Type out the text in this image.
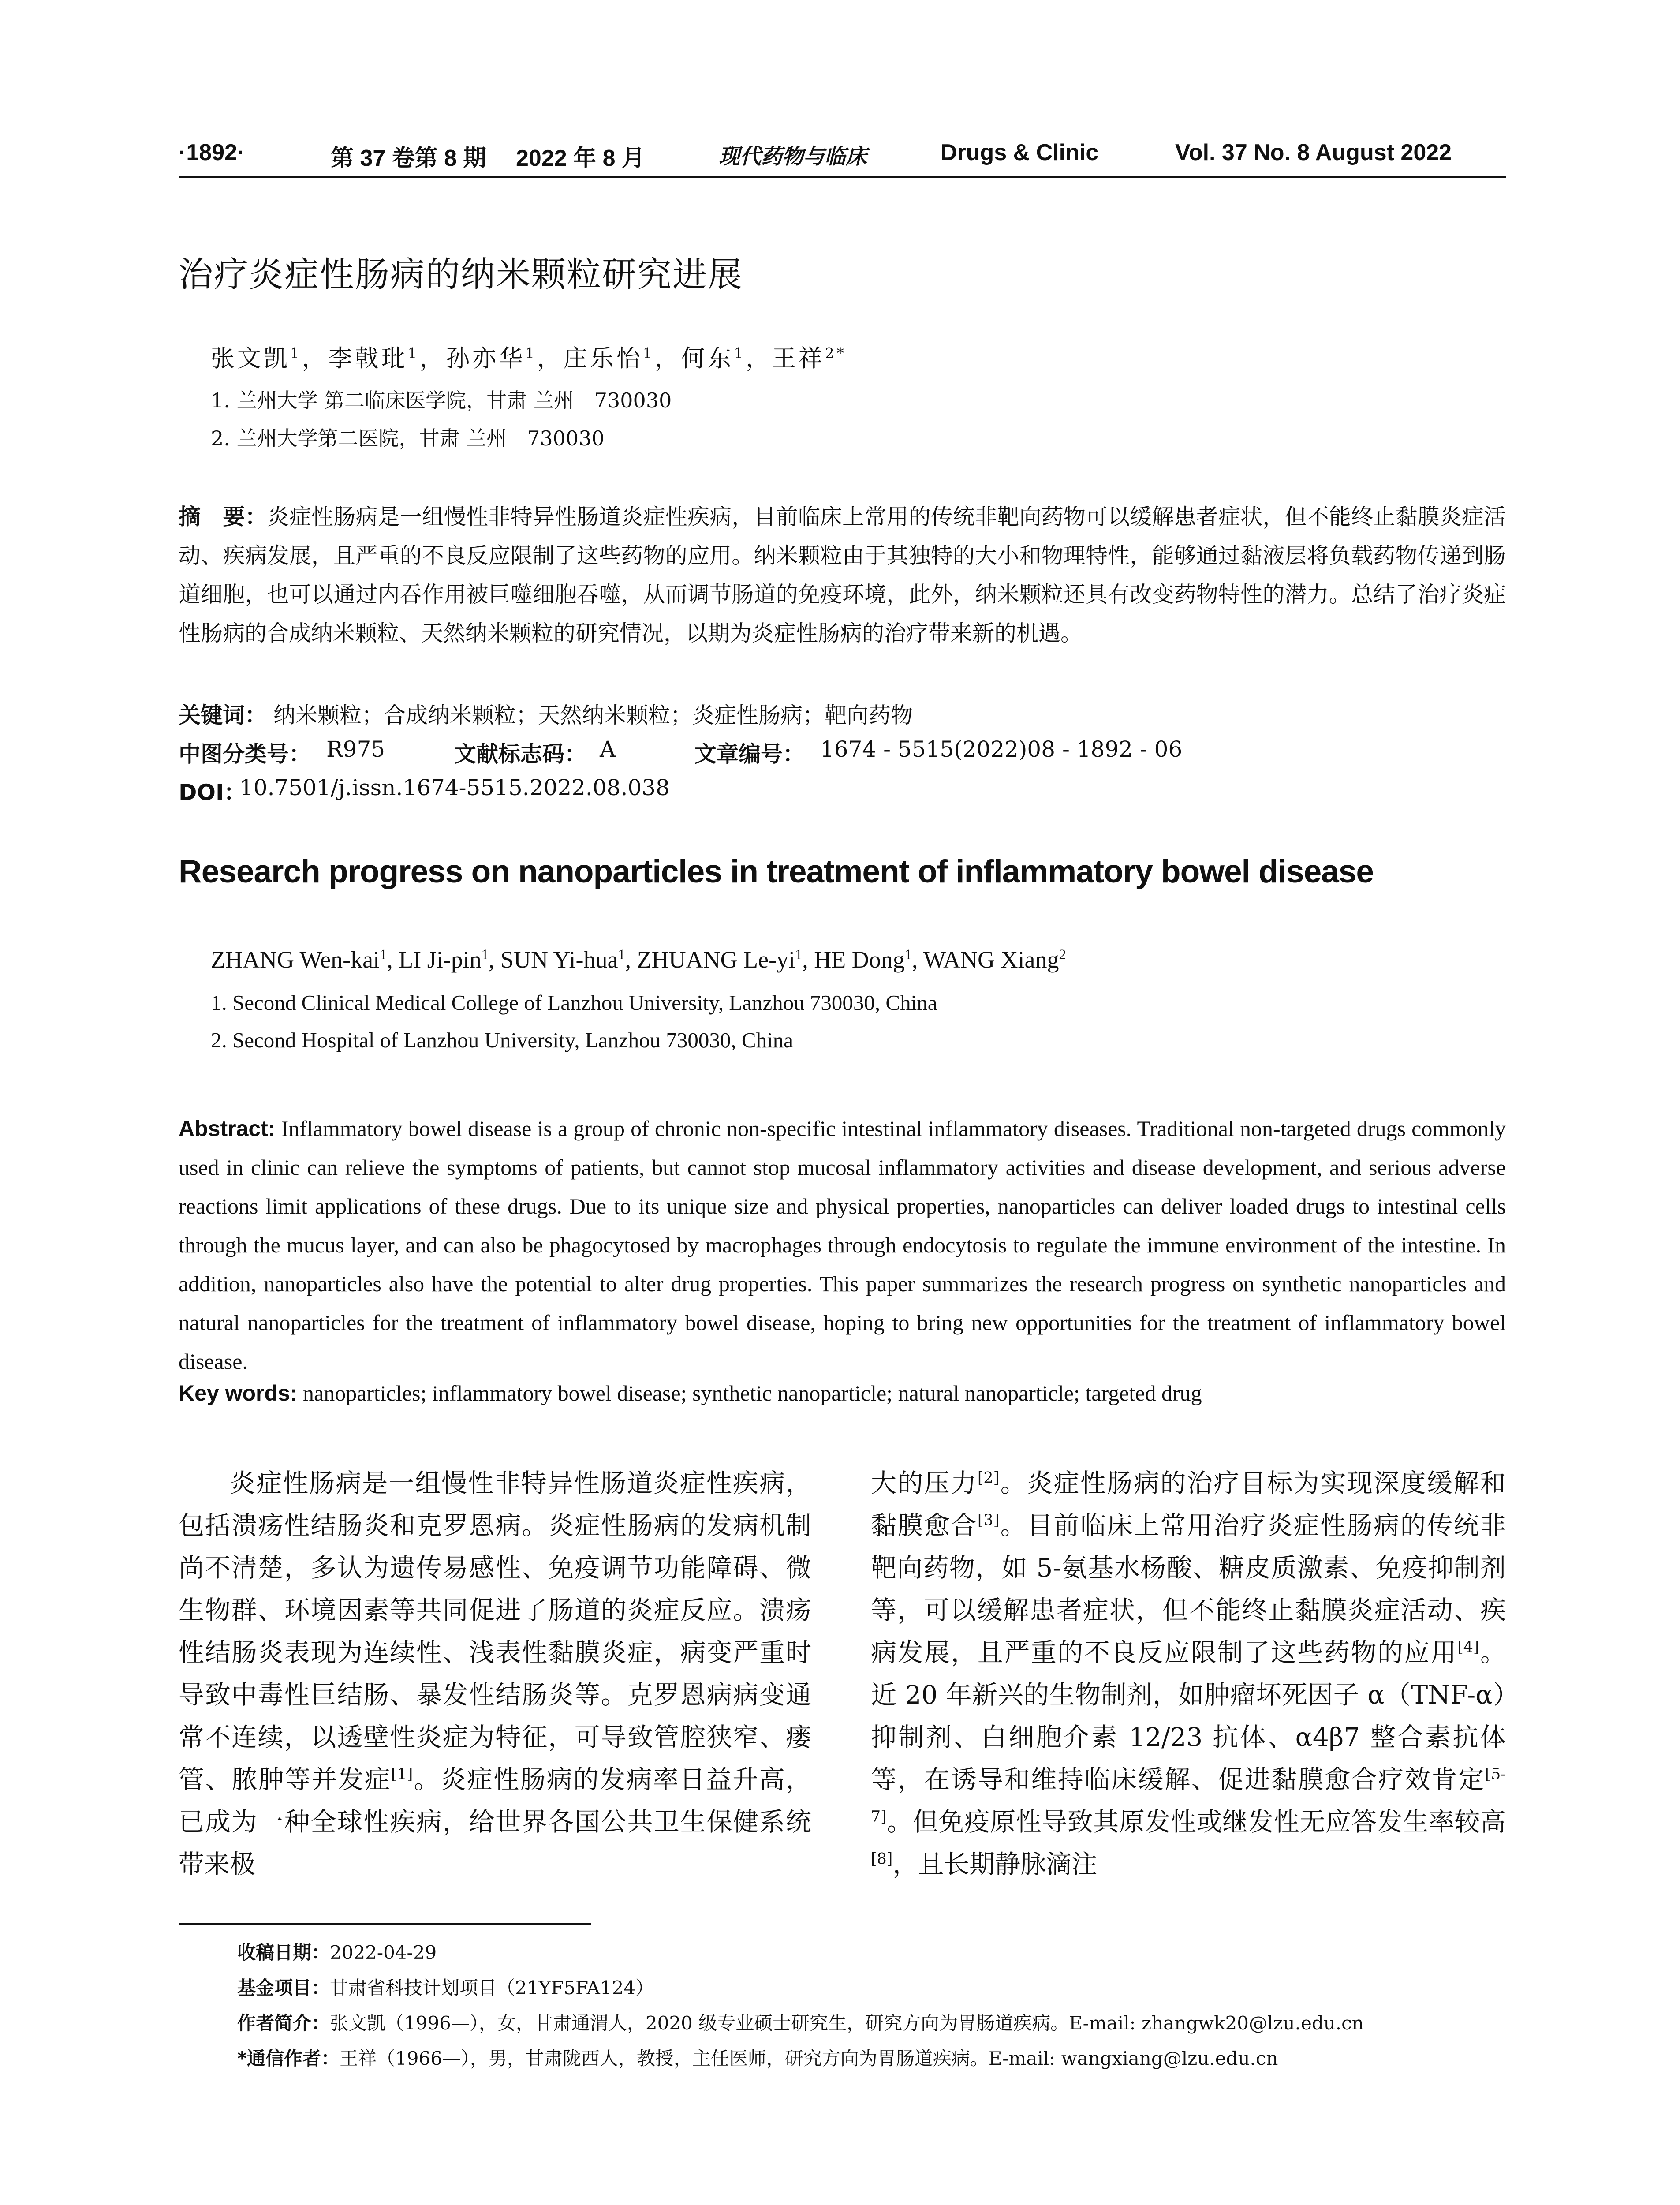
·1892·	第 37 卷第 8 期 2022 年 8 月	现代药物与临床	Drugs & Clinic	Vol. 37 No. 8 August 2022
治疗炎症性肠病的纳米颗粒研究进展
张文凯$^1$，李戟玭$^1$，孙亦华$^1$，庄乐怡$^1$，何东$^1$，王祥$^{2*}$
1. 兰州大学 第二临床医学院，甘肃 兰州　730030
2. 兰州大学第二医院，甘肃 兰州　730030
摘　要：炎症性肠病是一组慢性非特异性肠道炎症性疾病，目前临床上常用的传统非靶向药物可以缓解患者症状，但不能终止黏膜炎症活动、疾病发展，且严重的不良反应限制了这些药物的应用。纳米颗粒由于其独特的大小和物理特性，能够通过黏液层将负载药物传递到肠道细胞，也可以通过内吞作用被巨噬细胞吞噬，从而调节肠道的免疫环境，此外，纳米颗粒还具有改变药物特性的潜力。总结了治疗炎症性肠病的合成纳米颗粒、天然纳米颗粒的研究情况，以期为炎症性肠病的治疗带来新的机遇。
关键词： 纳米颗粒；合成纳米颗粒；天然纳米颗粒；炎症性肠病；靶向药物
中图分类号： R975	文献标志码： A	文章编号： 1674 - 5515(2022)08 - 1892 - 06
DOI：
10.7501/j.issn.1674-5515.2022.08.038
Research progress on nanoparticles in treatment of inflammatory bowel disease
ZHANG Wen-kai$^1$, LI Ji-pin$^1$, SUN Yi-hua$^1$, ZHUANG $Le-yi^1$, HE Dong$^1$, WANG Xiang$^2$
1. Second Clinical Medical College of Lanzhou University, Lanzhou 730030, China
2. Second Hospital of Lanzhou University, Lanzhou 730030, China
Abstract: Inflammatory bowel disease is a group of chronic non-specific intestinal inflammatory diseases. Traditional non-targeted drugs commonly used in clinic can relieve the symptoms of patients, but cannot stop mucosal inflammatory activities and disease development, and serious adverse reactions limit applications of these drugs. Due to its unique size and physical properties, nanoparticles can deliver loaded drugs to intestinal cells through the mucus layer, and can also be phagocytosed by macrophages through endocytosis to regulate the immune environment of the intestine. In addition, nanoparticles also have the potential to alter drug properties. This paper summarizes the research progress on synthetic nanoparticles and natural nanoparticles for the treatment of inflammatory bowel disease, hoping to bring new opportunities for the treatment of inflammatory bowel disease.
Key words: nanoparticles; inflammatory bowel disease; synthetic nanoparticle; natural nanoparticle; targeted drug
炎症性肠病是一组慢性非特异性肠道炎症性疾病，包括溃疡性结肠炎和克罗恩病。炎症性肠病的发病机制尚不清楚，多认为遗传易感性、免疫调节功能障碍、微生物群、环境因素等共同促进了肠道的炎症反应。溃疡性结肠炎表现为连续性、浅表性黏膜炎症，病变严重时导致中毒性巨结肠、暴发性结肠炎等。克罗恩病病变通常不连续，以透壁性炎症为特征，可导致管腔狭窄、瘘管、脓肿等并发症[1]。炎症性肠病的发病率日益升高，已成为一种全球性疾病，给世界各国公共卫生保健系统带来极
大的压力[2]。炎症性肠病的治疗目标为实现深度缓解和黏膜愈合[3]。目前临床上常用治疗炎症性肠病的传统非靶向药物，如 5-氨基水杨酸、糖皮质激素、免疫抑制剂等，可以缓解患者症状，但不能终止黏膜炎症活动、疾病发展，且严重的不良反应限制了这些药物的应用[4]。近 20 年新兴的生物制剂，如肿瘤坏死因子 α（TNF-α）抑制剂、白细胞介素 12/23 抗体、α4β7 整合素抗体等，在诱导和维持临床缓解、促进黏膜愈合疗效肯定[5-7]。但免疫原性导致其原发性或继发性无应答发生率较高[8]，且长期静脉滴注
收稿日期：2022-04-29
基金项目：甘肃省科技计划项目（21YF5FA124）
作者简介：张文凯（1996—），女，甘肃通渭人，2020 级专业硕士研究生，研究方向为胃肠道疾病。E-mail: zhangwk20@lzu.edu.cn
*通信作者：王祥（1966—），男，甘肃陇西人，教授，主任医师，研究方向为胃肠道疾病。E-mail: wangxiang@lzu.edu.cn
